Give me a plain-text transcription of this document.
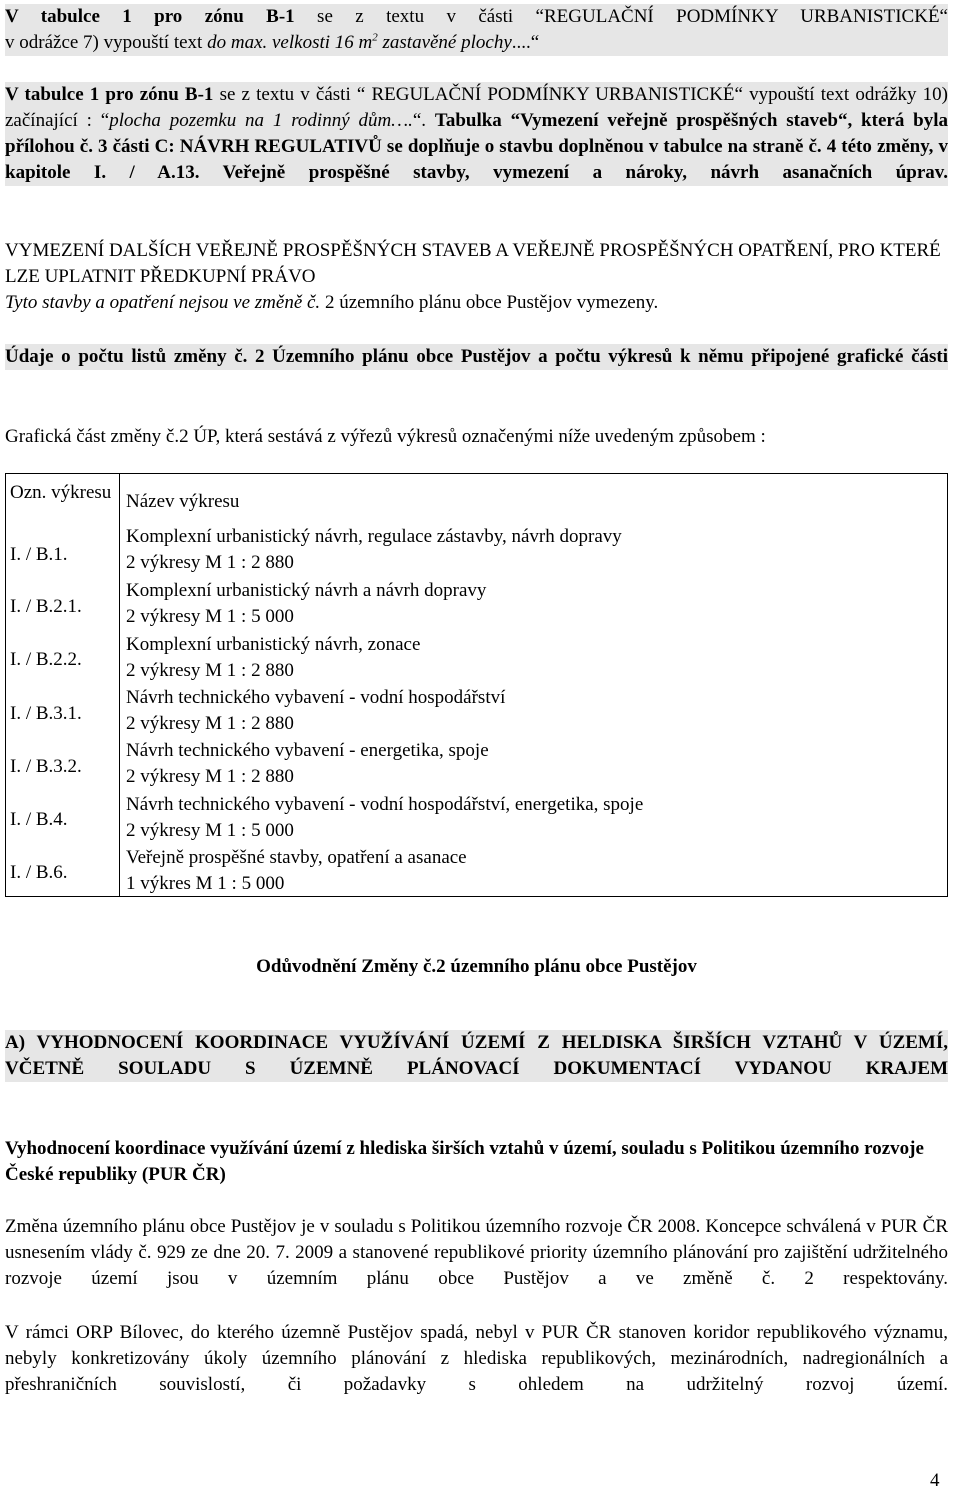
V tabulce 1 pro zónu B-1 se z textu v části “REGULAČNÍ PODMÍNKY URBANISTICKÉ“
v odrážce 7) vypouští text do max. velkosti 16 $m^2$ zastavěné plochy....“
V tabulce 1 pro zónu B-1 se z textu v části “ REGULAČNÍ PODMÍNKY URBANISTICKÉ“ vypouští text odrážky 10) začínající : “plocha pozemku na 1 rodinný dům….“. Tabulka “Vymezení veřejně prospěšných staveb“, která byla přílohou č. 3 části C: NÁVRH REGULATIVŮ se doplňuje o stavbu doplněnou v tabulce na straně č. 4 této změny, v kapitole I. / A.13. Veřejně prospěšné stavby, vymezení a nároky, návrh asanačních úprav.
VYMEZENÍ DALŠÍCH VEŘEJNĚ PROSPĚŠNÝCH STAVEB A VEŘEJNĚ PROSPĚŠNÝCH OPATŘENÍ, PRO KTERÉ LZE UPLATNIT PŘEDKUPNÍ PRÁVO
Tyto stavby a opatření nejsou ve změně č. 2 územního plánu obce Pustějov vymezeny.
Údaje o počtu listů změny č. 2 Územního plánu obce Pustějov a počtu výkresů k němu připojené grafické části
Grafická část změny č.2 ÚP, která sestává z výřezů výkresů označenými níže uvedeným způsobem :
Ozn. výkresu Název výkresu
I. / B.1.
Komplexní urbanistický návrh, regulace zástavby, návrh dopravy
2 výkresy M 1 : 2 880
I. / B.2.1.
Komplexní urbanistický návrh a návrh dopravy
2 výkresy M 1 : 5 000
I. / B.2.2.
Komplexní urbanistický návrh, zonace
2 výkresy M 1 : 2 880
I. / B.3.1.
Návrh technického vybavení - vodní hospodářství
2 výkresy M 1 : 2 880
I. / B.3.2.
Návrh technického vybavení - energetika, spoje
2 výkresy M 1 : 2 880
I. / B.4.
Návrh technického vybavení - vodní hospodářství, energetika, spoje
2 výkresy M 1 : 5 000
I. / B.6.
Veřejně prospěšné stavby, opatření a asanace
1 výkres M 1 : 5 000
Odůvodnění Změny č.2 územního plánu obce Pustějov
A) VYHODNOCENÍ KOORDINACE VYUŽÍVÁNÍ ÚZEMÍ Z HELDISKA ŠIRŠÍCH VZTAHŮ V ÚZEMÍ, VČETNĚ SOULADU S ÚZEMNĚ PLÁNOVACÍ DOKUMENTACÍ VYDANOU KRAJEM
Vyhodnocení koordinace využívání území z hlediska širších vztahů v území, souladu s Politikou územního rozvoje České republiky (PUR ČR)
Změna územního plánu obce Pustějov je v souladu s Politikou územního rozvoje ČR 2008. Koncepce schválená v PUR ČR usnesením vlády č. 929 ze dne 20. 7. 2009 a stanovené republikové priority územního plánování pro zajištění udržitelného rozvoje území jsou v územním plánu obce Pustějov a ve změně č. 2 respektovány.
V rámci ORP Bílovec, do kterého územně Pustějov spadá, nebyl v PUR ČR stanoven koridor republikového významu, nebyly konkretizovány úkoly územního plánování z hlediska republikových, mezinárodních, nadregionálních a přeshraničních souvislostí, či požadavky s ohledem na udržitelný rozvoj území.
4
